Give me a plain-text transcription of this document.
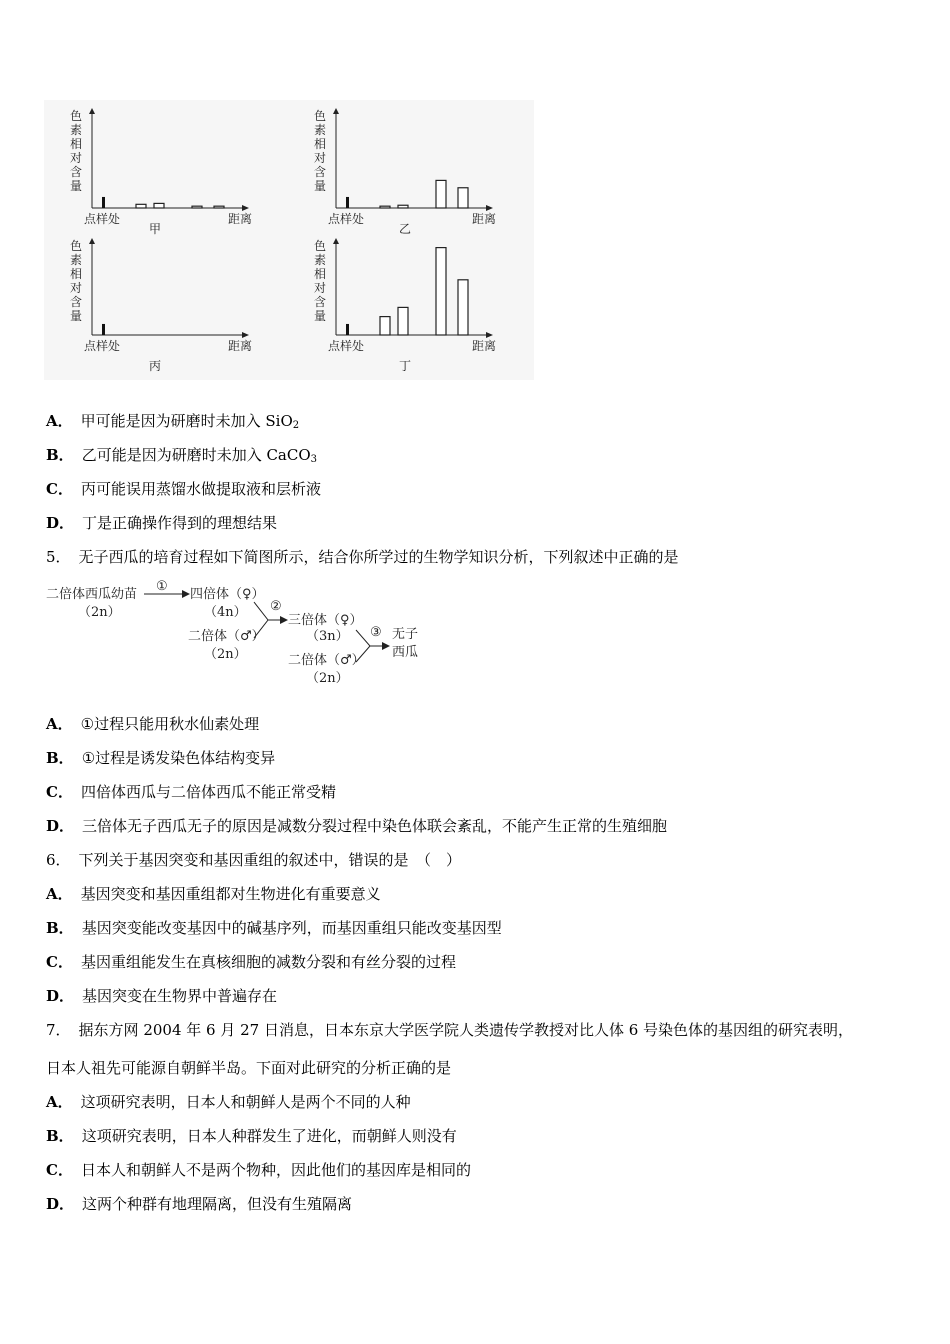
色
素
相
对
含
量
点样处	距离
甲
色
素
相
对
含
量
点样处	距离
乙
色
素
相
对
含
量
点样处	距离
丙
色
素
相
对
含
量
点样处	距离
丁
A． 甲可能是因为研磨时未加入 SiO$_2$
B． 乙可能是因为研磨时未加入 CaCO$_3$
C． 丙可能误用蒸馏水做提取液和层析液
D． 丁是正确操作得到的理想结果
5． 无子西瓜的培育过程如下简图所示，结合你所学过的生物学知识分析，下列叙述中正确的是
二倍体西瓜幼苗
（2n）
①
四倍体（♀）
（4n）
二倍体（♂）
（2n）
②
三倍体（♀）
（3n）
二倍体（♂）
（2n）
③ 无子
西瓜
A． ①过程只能用秋水仙素处理
B． ①过程是诱发染色体结构变异
C． 四倍体西瓜与二倍体西瓜不能正常受精
D． 三倍体无子西瓜无子的原因是减数分裂过程中染色体联会紊乱，不能产生正常的生殖细胞
6． 下列关于基因突变和基因重组的叙述中，错误的是　（　）
A． 基因突变和基因重组都对生物进化有重要意义
B． 基因突变能改变基因中的碱基序列，而基因重组只能改变基因型
C． 基因重组能发生在真核细胞的减数分裂和有丝分裂的过程
D． 基因突变在生物界中普遍存在
7． 据东方网 2004 年 6 月 27 日消息，日本东京大学医学院人类遗传学教授对比人体 6 号染色体的基因组的研究表明，
日本人祖先可能源自朝鲜半岛。下面对此研究的分析正确的是
A． 这项研究表明，日本人和朝鲜人是两个不同的人种
B． 这项研究表明，日本人种群发生了进化，而朝鲜人则没有
C． 日本人和朝鲜人不是两个物种，因此他们的基因库是相同的
D． 这两个种群有地理隔离，但没有生殖隔离
